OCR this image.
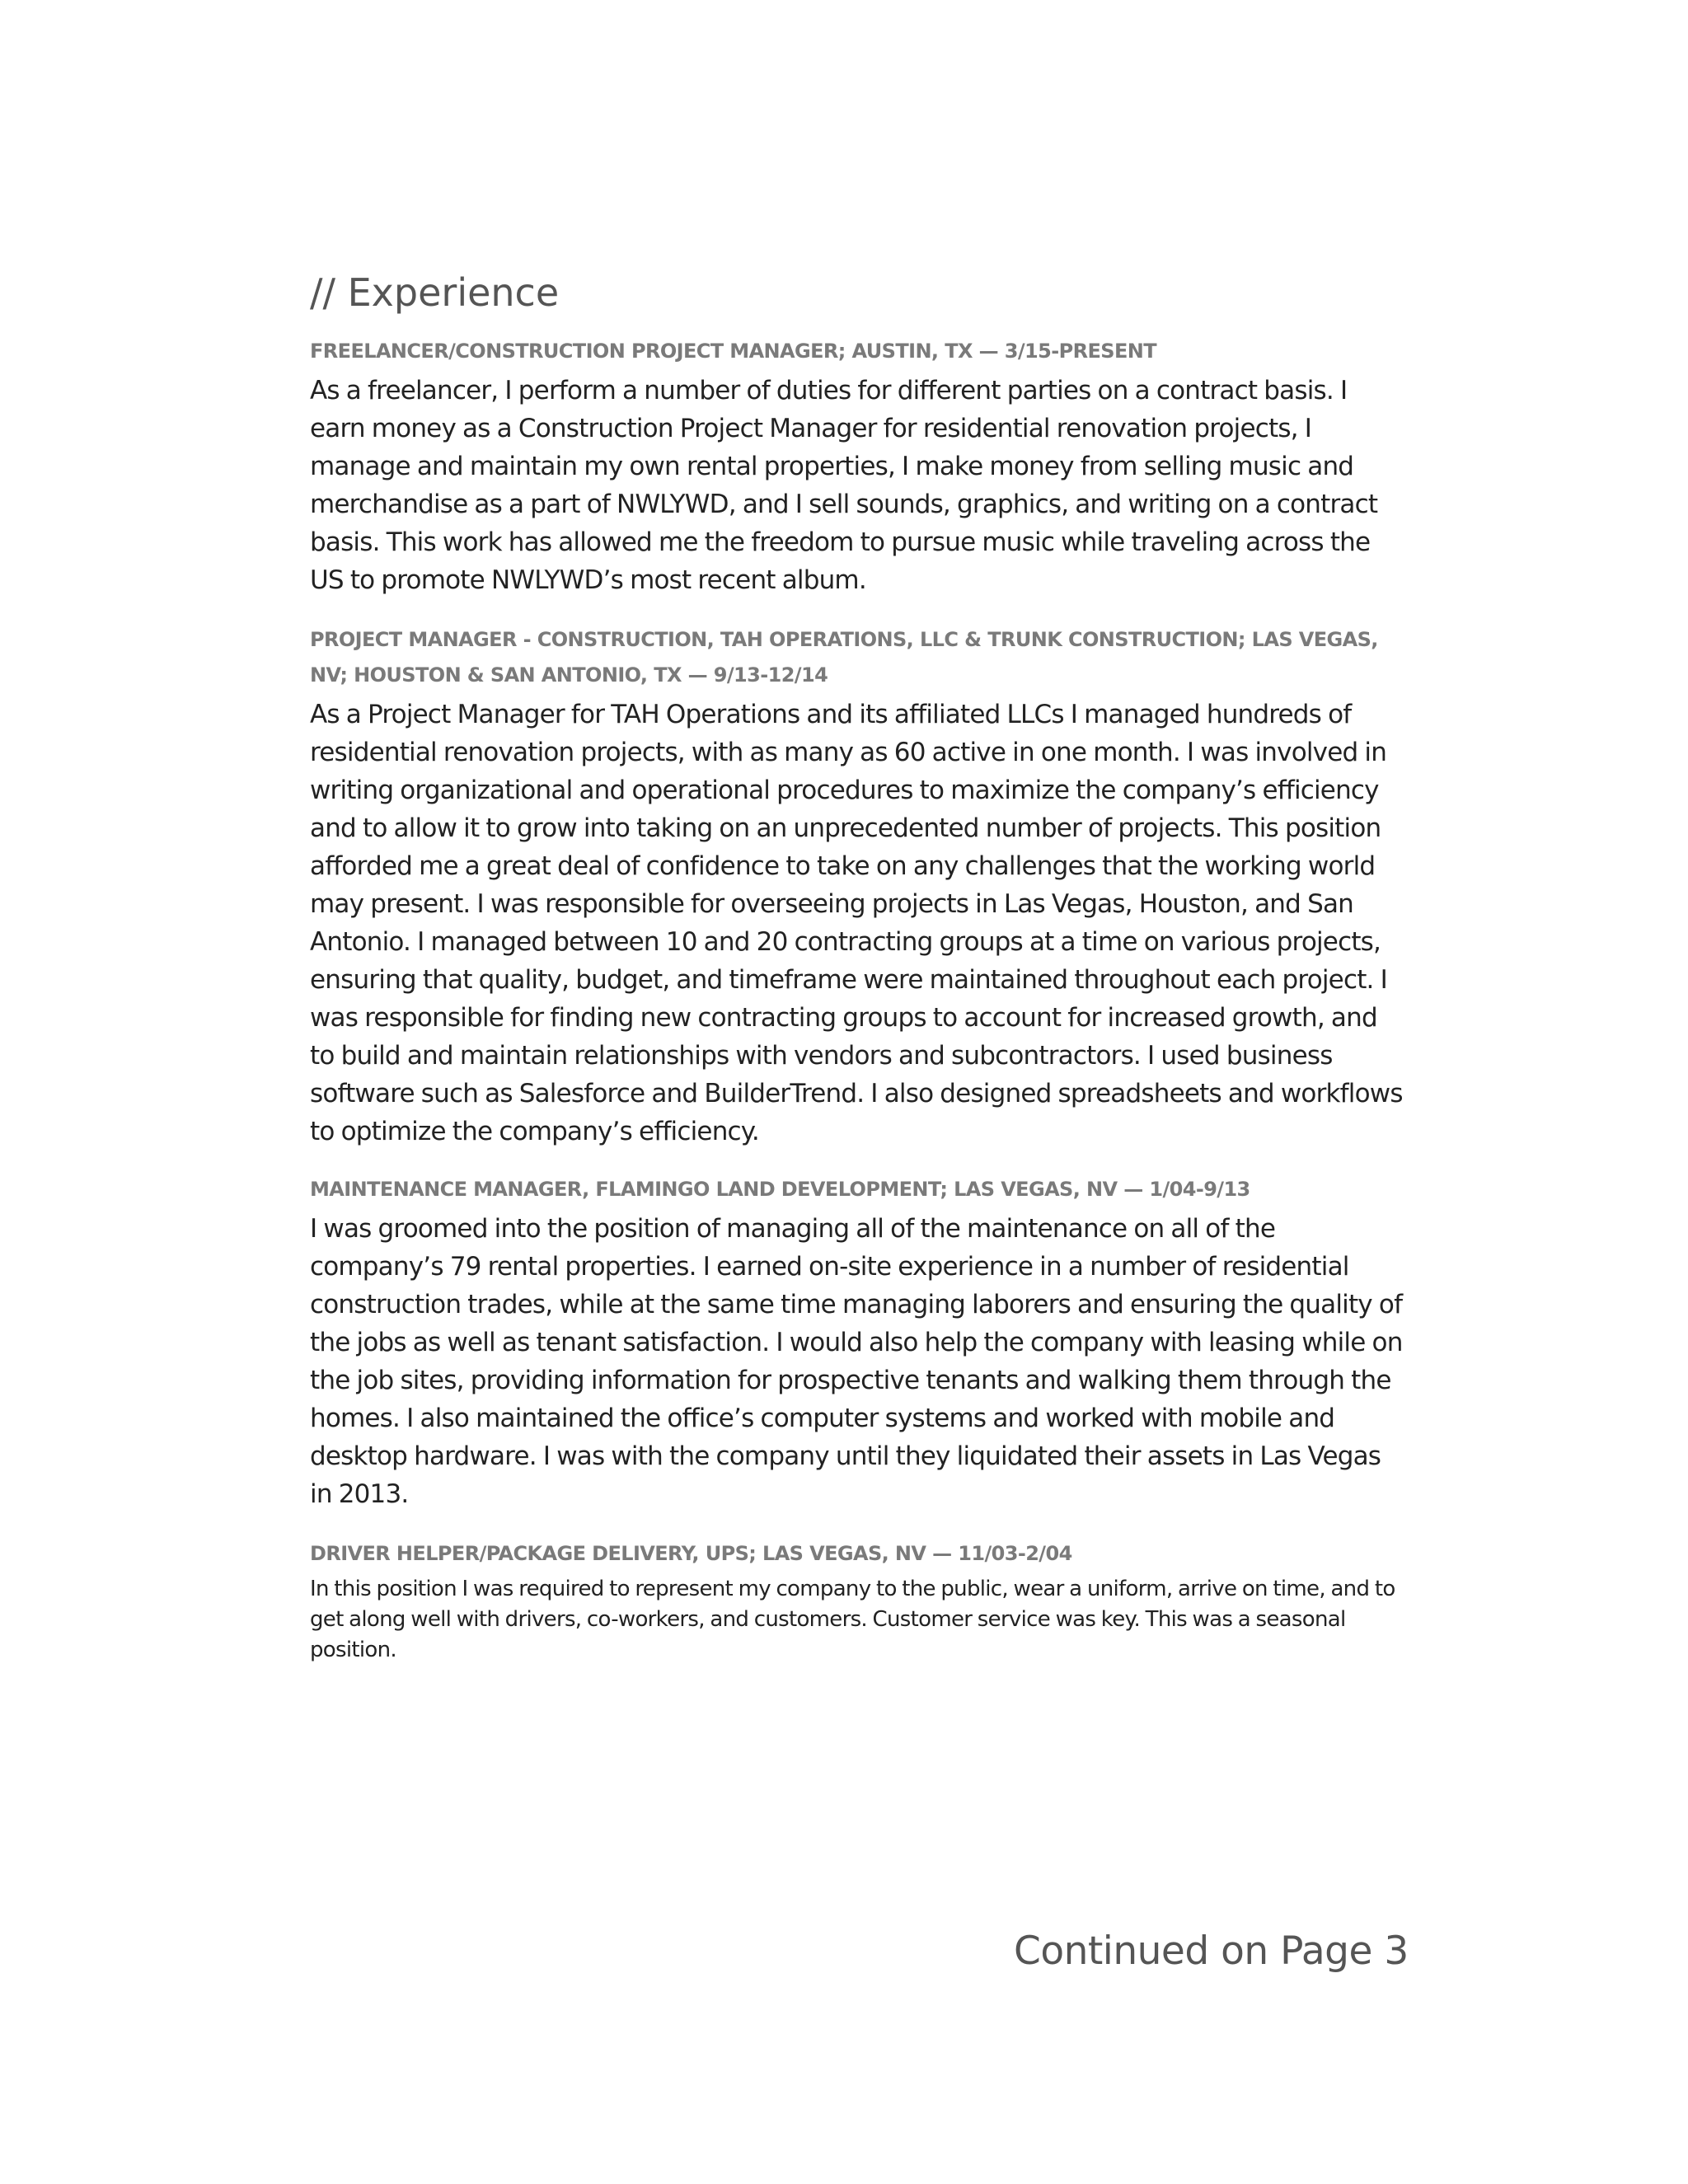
// Experience
FREELANCER/CONSTRUCTION PROJECT MANAGER; AUSTIN, TX — 3/15-PRESENT

As a freelancer, I perform a number of duties for different parties on a contract basis. I earn money as a Construction Project Manager for residential renovation projects, I manage and maintain my own rental properties, I make money from selling music and merchandise as a part of NWLYWD, and I sell sounds, graphics, and writing on a contract basis. This work has allowed me the freedom to pursue music while traveling across the US to promote NWLYWD’s most recent album.

PROJECT MANAGER - CONSTRUCTION, TAH OPERATIONS, LLC & TRUNK CONSTRUCTION; LAS VEGAS, NV; HOUSTON & SAN ANTONIO, TX — 9/13-12/14

As a Project Manager for TAH Operations and its affiliated LLCs I managed hundreds of residential renovation projects, with as many as 60 active in one month. I was involved in writing organizational and operational procedures to maximize the company’s efficiency and to allow it to grow into taking on an unprecedented number of projects. This position afforded me a great deal of confidence to take on any challenges that the working world may present. I was responsible for overseeing projects in Las Vegas, Houston, and San Antonio. I managed between 10 and 20 contracting groups at a time on various projects, ensuring that quality, budget, and timeframe were maintained throughout each project. I was responsible for finding new contracting groups to account for increased growth, and to build and maintain relationships with vendors and subcontractors. I used business software such as Salesforce and BuilderTrend. I also designed spreadsheets and workflows to optimize the company’s efficiency.

MAINTENANCE MANAGER, FLAMINGO LAND DEVELOPMENT; LAS VEGAS, NV — 1/04-9/13

I was groomed into the position of managing all of the maintenance on all of the company’s 79 rental properties. I earned on-site experience in a number of residential construction trades, while at the same time managing laborers and ensuring the quality of the jobs as well as tenant satisfaction. I would also help the company with leasing while on the job sites, providing information for prospective tenants and walking them through the homes. I also maintained the office’s computer systems and worked with mobile and desktop hardware. I was with the company until they liquidated their assets in Las Vegas in 2013.

DRIVER HELPER/PACKAGE DELIVERY, UPS; LAS VEGAS, NV — 11/03-2/04

In this position I was required to represent my company to the public, wear a uniform, arrive on time, and to get along well with drivers, co-workers, and customers. Customer service was key. This was a seasonal position.

Continued on Page 3
